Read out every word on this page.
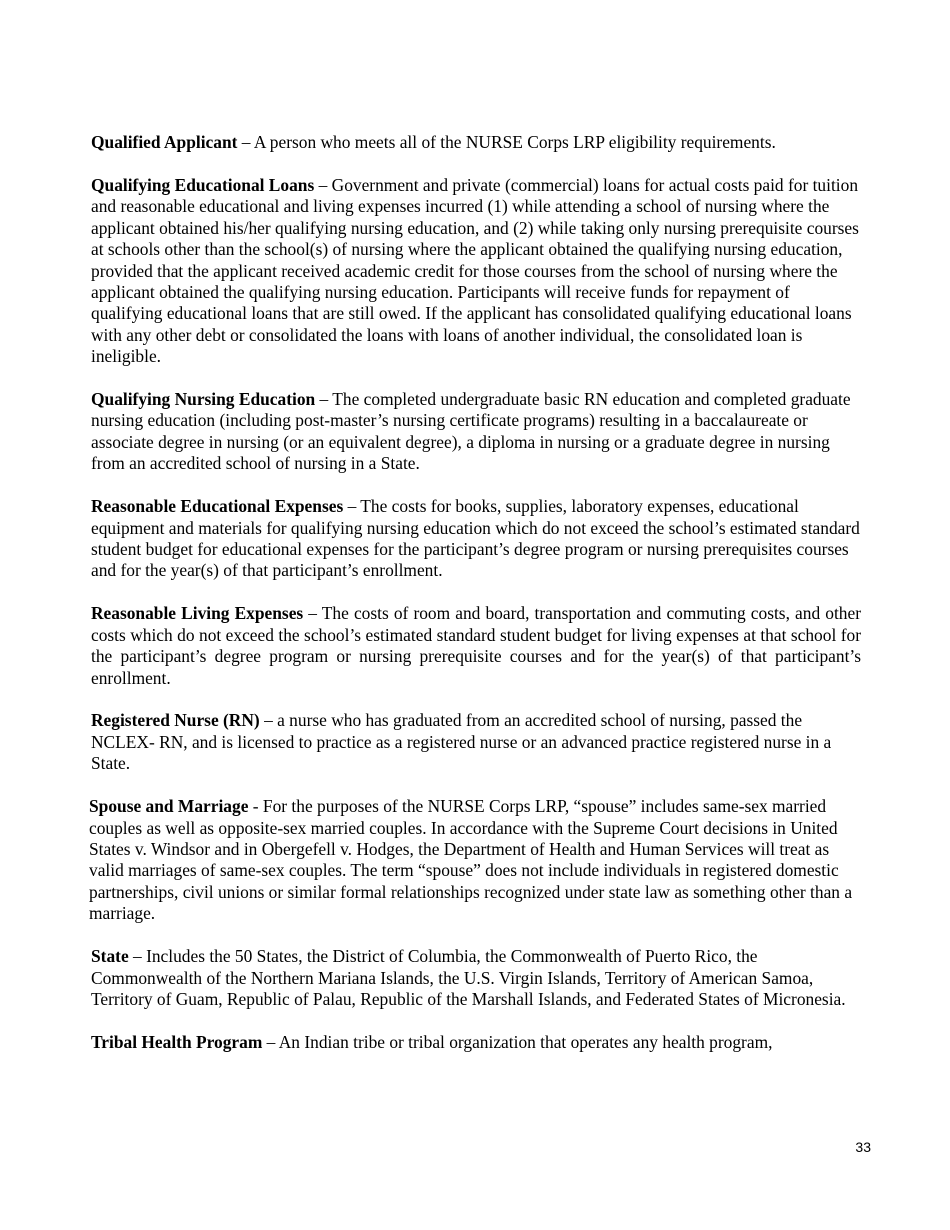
Qualified Applicant – A person who meets all of the NURSE Corps LRP eligibility requirements.

Qualifying Educational Loans – Government and private (commercial) loans for actual costs paid for tuition and reasonable educational and living expenses incurred (1) while attending a school of nursing where the applicant obtained his/her qualifying nursing education, and (2) while taking only nursing prerequisite courses at schools other than the school(s) of nursing where the applicant obtained the qualifying nursing education, provided that the applicant received academic credit for those courses from the school of nursing where the applicant obtained the qualifying nursing education. Participants will receive funds for repayment of qualifying educational loans that are still owed. If the applicant has consolidated qualifying educational loans with any other debt or consolidated the loans with loans of another individual, the consolidated loan is ineligible.

Qualifying Nursing Education – The completed undergraduate basic RN education and completed graduate nursing education (including post-master’s nursing certificate programs) resulting in a baccalaureate or associate degree in nursing (or an equivalent degree), a diploma in nursing or a graduate degree in nursing from an accredited school of nursing in a State.

Reasonable Educational Expenses – The costs for books, supplies, laboratory expenses, educational equipment and materials for qualifying nursing education which do not exceed the school’s estimated standard student budget for educational expenses for the participant’s degree program or nursing prerequisites courses and for the year(s) of that participant’s enrollment.

Reasonable Living Expenses – The costs of room and board, transportation and commuting costs, and other costs which do not exceed the school’s estimated standard student budget for living expenses at that school for the participant’s degree program or nursing prerequisite courses and for the year(s) of that participant’s enrollment.

Registered Nurse (RN) – a nurse who has graduated from an accredited school of nursing, passed the NCLEX- RN, and is licensed to practice as a registered nurse or an advanced practice registered nurse in a State.

Spouse and Marriage - For the purposes of the NURSE Corps LRP, “spouse” includes same-sex married couples as well as opposite-sex married couples. In accordance with the Supreme Court decisions in United States v. Windsor and in Obergefell v. Hodges, the Department of Health and Human Services will treat as valid marriages of same-sex couples. The term “spouse” does not include individuals in registered domestic partnerships, civil unions or similar formal relationships recognized under state law as something other than a marriage.

State – Includes the 50 States, the District of Columbia, the Commonwealth of Puerto Rico, the Commonwealth of the Northern Mariana Islands, the U.S. Virgin Islands, Territory of American Samoa, Territory of Guam, Republic of Palau, Republic of the Marshall Islands, and Federated States of Micronesia.

Tribal Health Program – An Indian tribe or tribal organization that operates any health program,

33
